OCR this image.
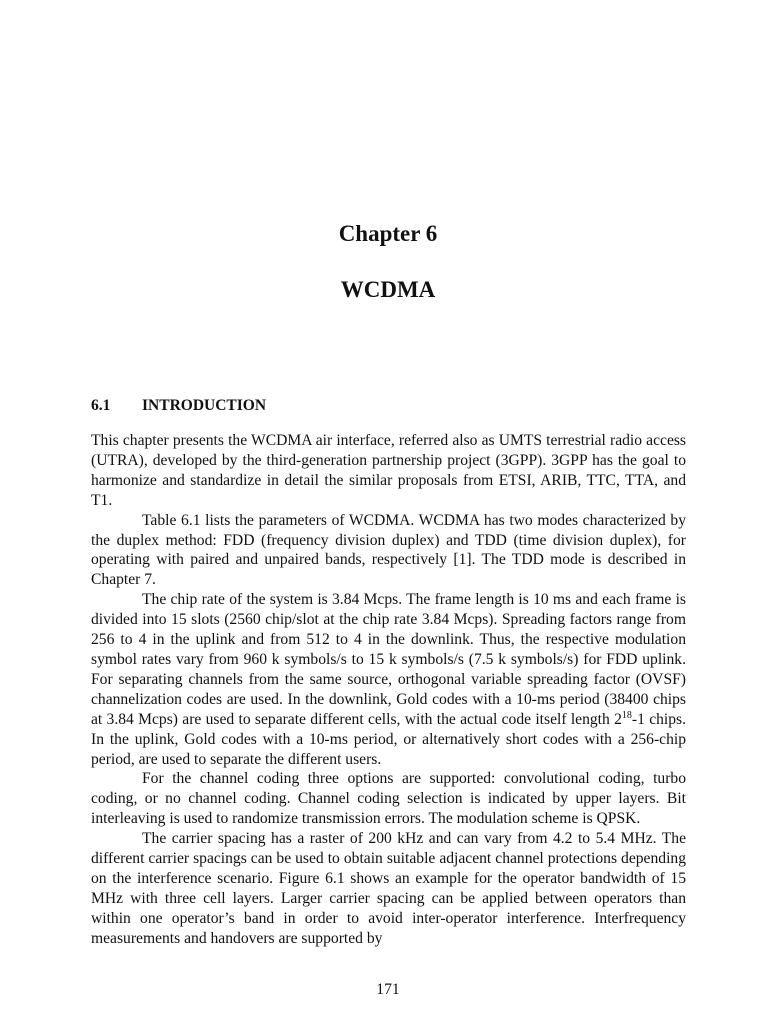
Chapter 6
WCDMA
6.1 INTRODUCTION

This chapter presents the WCDMA air interface, referred also as UMTS terrestrial radio access (UTRA), developed by the third-generation partnership project (3GPP). 3GPP has the goal to harmonize and standardize in detail the similar proposals from ETSI, ARIB, TTC, TTA, and T1.

Table 6.1 lists the parameters of WCDMA. WCDMA has two modes characterized by the duplex method: FDD (frequency division duplex) and TDD (time division duplex), for operating with paired and unpaired bands, respectively [1]. The TDD mode is described in Chapter 7.

The chip rate of the system is 3.84 Mcps. The frame length is 10 ms and each frame is divided into 15 slots (2560 chip/slot at the chip rate 3.84 Mcps). Spreading factors range from 256 to 4 in the uplink and from 512 to 4 in the downlink. Thus, the respective modulation symbol rates vary from 960 k symbols/s to 15 k symbols/s (7.5 k symbols/s) for FDD uplink. For separating channels from the same source, orthogonal variable spreading factor (OVSF) channelization codes are used. In the downlink, Gold codes with a 10-ms period (38400 chips at 3.84 Mcps) are used to separate different cells, with the actual code itself length $2^{18}-1$ chips. In the uplink, Gold codes with a 10-ms period, or alternatively short codes with a 256-chip period, are used to separate the different users.

For the channel coding three options are supported: convolutional coding, turbo coding, or no channel coding. Channel coding selection is indicated by upper layers. Bit interleaving is used to randomize transmission errors. The modulation scheme is QPSK.

The carrier spacing has a raster of 200 kHz and can vary from 4.2 to 5.4 MHz. The different carrier spacings can be used to obtain suitable adjacent channel protections depending on the interference scenario. Figure 6.1 shows an example for the operator bandwidth of 15 MHz with three cell layers. Larger carrier spacing can be applied between operators than within one operator’s band in order to avoid inter-operator interference. Interfrequency measurements and handovers are supported by

171
